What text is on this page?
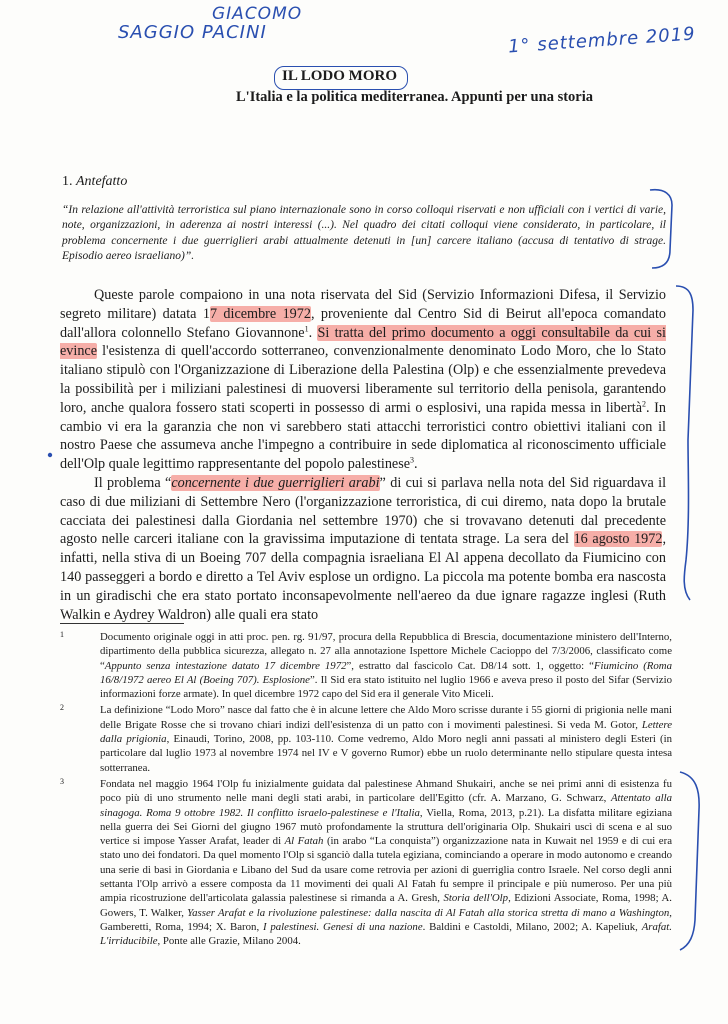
GIACOMO
SAGGIO PACINI	1° settembre 2019
IL LODO MORO
L'Italia e la politica mediterranea. Appunti per una storia
1. Antefatto
“In relazione all'attività terroristica sul piano internazionale sono in corso colloqui riservati e non ufficiali con i vertici di varie, note, organizzazioni, in aderenza ai nostri interessi (...). Nel quadro dei citati colloqui viene considerato, in particolare, il problema concernente i due guerriglieri arabi attualmente detenuti in [un] carcere italiano (accusa di tentativo di strage. Episodio aereo israeliano)”.

Queste parole compaiono in una nota riservata del Sid (Servizio Informazioni Difesa, il Servizio segreto militare) datata 17 dicembre 1972, proveniente dal Centro Sid di Beirut all'epoca comandato dall'allora colonnello Stefano Giovannone$^1$. Si tratta del primo documento a oggi consultabile da cui si evince l'esistenza di quell'accordo sotterraneo, convenzionalmente denominato Lodo Moro, che lo Stato italiano stipulò con l'Organizzazione di Liberazione della Palestina (Olp) e che essenzialmente prevedeva la possibilità per i miliziani palestinesi di muoversi liberamente sul territorio della penisola, garantendo loro, anche qualora fossero stati scoperti in possesso di armi o esplosivi, una rapida messa in libertà$^2$. In cambio vi era la garanzia che non vi sarebbero stati attacchi terroristici contro obiettivi italiani con il nostro Paese che assumeva anche l'impegno a contribuire in sede diplomatica al riconoscimento ufficiale dell'Olp quale legittimo rappresentante del popolo palestinese$^3$.

Il problema “concernente i due guerriglieri arabi” di cui si parlava nella nota del Sid riguardava il caso di due miliziani di Settembre Nero (l'organizzazione terroristica, di cui diremo, nata dopo la brutale cacciata dei palestinesi dalla Giordania nel settembre 1970) che si trovavano detenuti dal precedente agosto nelle carceri italiane con la gravissima imputazione di tentata strage. La sera del 16 agosto 1972, infatti, nella stiva di un Boeing 707 della compagnia israeliana El Al appena decollato da Fiumicino con 140 passeggeri a bordo e diretto a Tel Aviv esplose un ordigno. La piccola ma potente bomba era nascosta in un giradischi che era stato portato inconsapevolmente nell'aereo da due ignare ragazze inglesi (Ruth Walkin e Aydrey Waldron) alle quali era stato

1	Documento originale oggi in atti proc. pen. rg. 91/97, procura della Repubblica di Brescia, documentazione ministero dell'Interno, dipartimento della pubblica sicurezza, allegato n. 27 alla annotazione Ispettore Michele Cacioppo del 7/3/2006, classificato come “Appunto senza intestazione datato 17 dicembre 1972”, estratto dal fascicolo Cat. D8/14 sott. 1, oggetto: “Fiumicino (Roma 16/8/1972 aereo El Al (Boeing 707). Esplosione”. Il Sid era stato istituito nel luglio 1966 e aveva preso il posto del Sifar (Servizio informazioni forze armate). In quel dicembre 1972 capo del Sid era il generale Vito Miceli.
2	La definizione “Lodo Moro” nasce dal fatto che è in alcune lettere che Aldo Moro scrisse durante i 55 giorni di prigionia nelle mani delle Brigate Rosse che si trovano chiari indizi dell'esistenza di un patto con i movimenti palestinesi. Si veda M. Gotor, Lettere dalla prigionia, Einaudi, Torino, 2008, pp. 103-110. Come vedremo, Aldo Moro negli anni passati al ministero degli Esteri (in particolare dal luglio 1973 al novembre 1974 nel IV e V governo Rumor) ebbe un ruolo determinante nello stipulare questa intesa sotterranea.
3	Fondata nel maggio 1964 l'Olp fu inizialmente guidata dal palestinese Ahmand Shukairi, anche se nei primi anni di esistenza fu poco più di uno strumento nelle mani degli stati arabi, in particolare dell'Egitto (cfr. A. Marzano, G. Schwarz, Attentato alla sinagoga. Roma 9 ottobre 1982. Il conflitto israelo-palestinese e l'Italia, Viella, Roma, 2013, p.21). La disfatta militare egiziana nella guerra dei Sei Giorni del giugno 1967 mutò profondamente la struttura dell'originaria Olp. Shukairi uscì di scena e al suo vertice si impose Yasser Arafat, leader di Al Fatah (in arabo “La conquista”) organizzazione nata in Kuwait nel 1959 e di cui era stato uno dei fondatori. Da quel momento l'Olp si sganciò dalla tutela egiziana, cominciando a operare in modo autonomo e creando una serie di basi in Giordania e Libano del Sud da usare come retrovia per azioni di guerriglia contro Israele. Nel corso degli anni settanta l'Olp arrivò a essere composta da 11 movimenti dei quali Al Fatah fu sempre il principale e più numeroso. Per una più ampia ricostruzione dell'articolata galassia palestinese si rimanda a A. Gresh, Storia dell'Olp, Edizioni Associate, Roma, 1998; A. Gowers, T. Walker, Yasser Arafat e la rivoluzione palestinese: dalla nascita di Al Fatah alla storica stretta di mano a Washington, Gamberetti, Roma, 1994; X. Baron, I palestinesi. Genesi di una nazione. Baldini e Castoldi, Milano, 2002; A. Kapeliuk, Arafat. L'irriducibile, Ponte alle Grazie, Milano 2004.
